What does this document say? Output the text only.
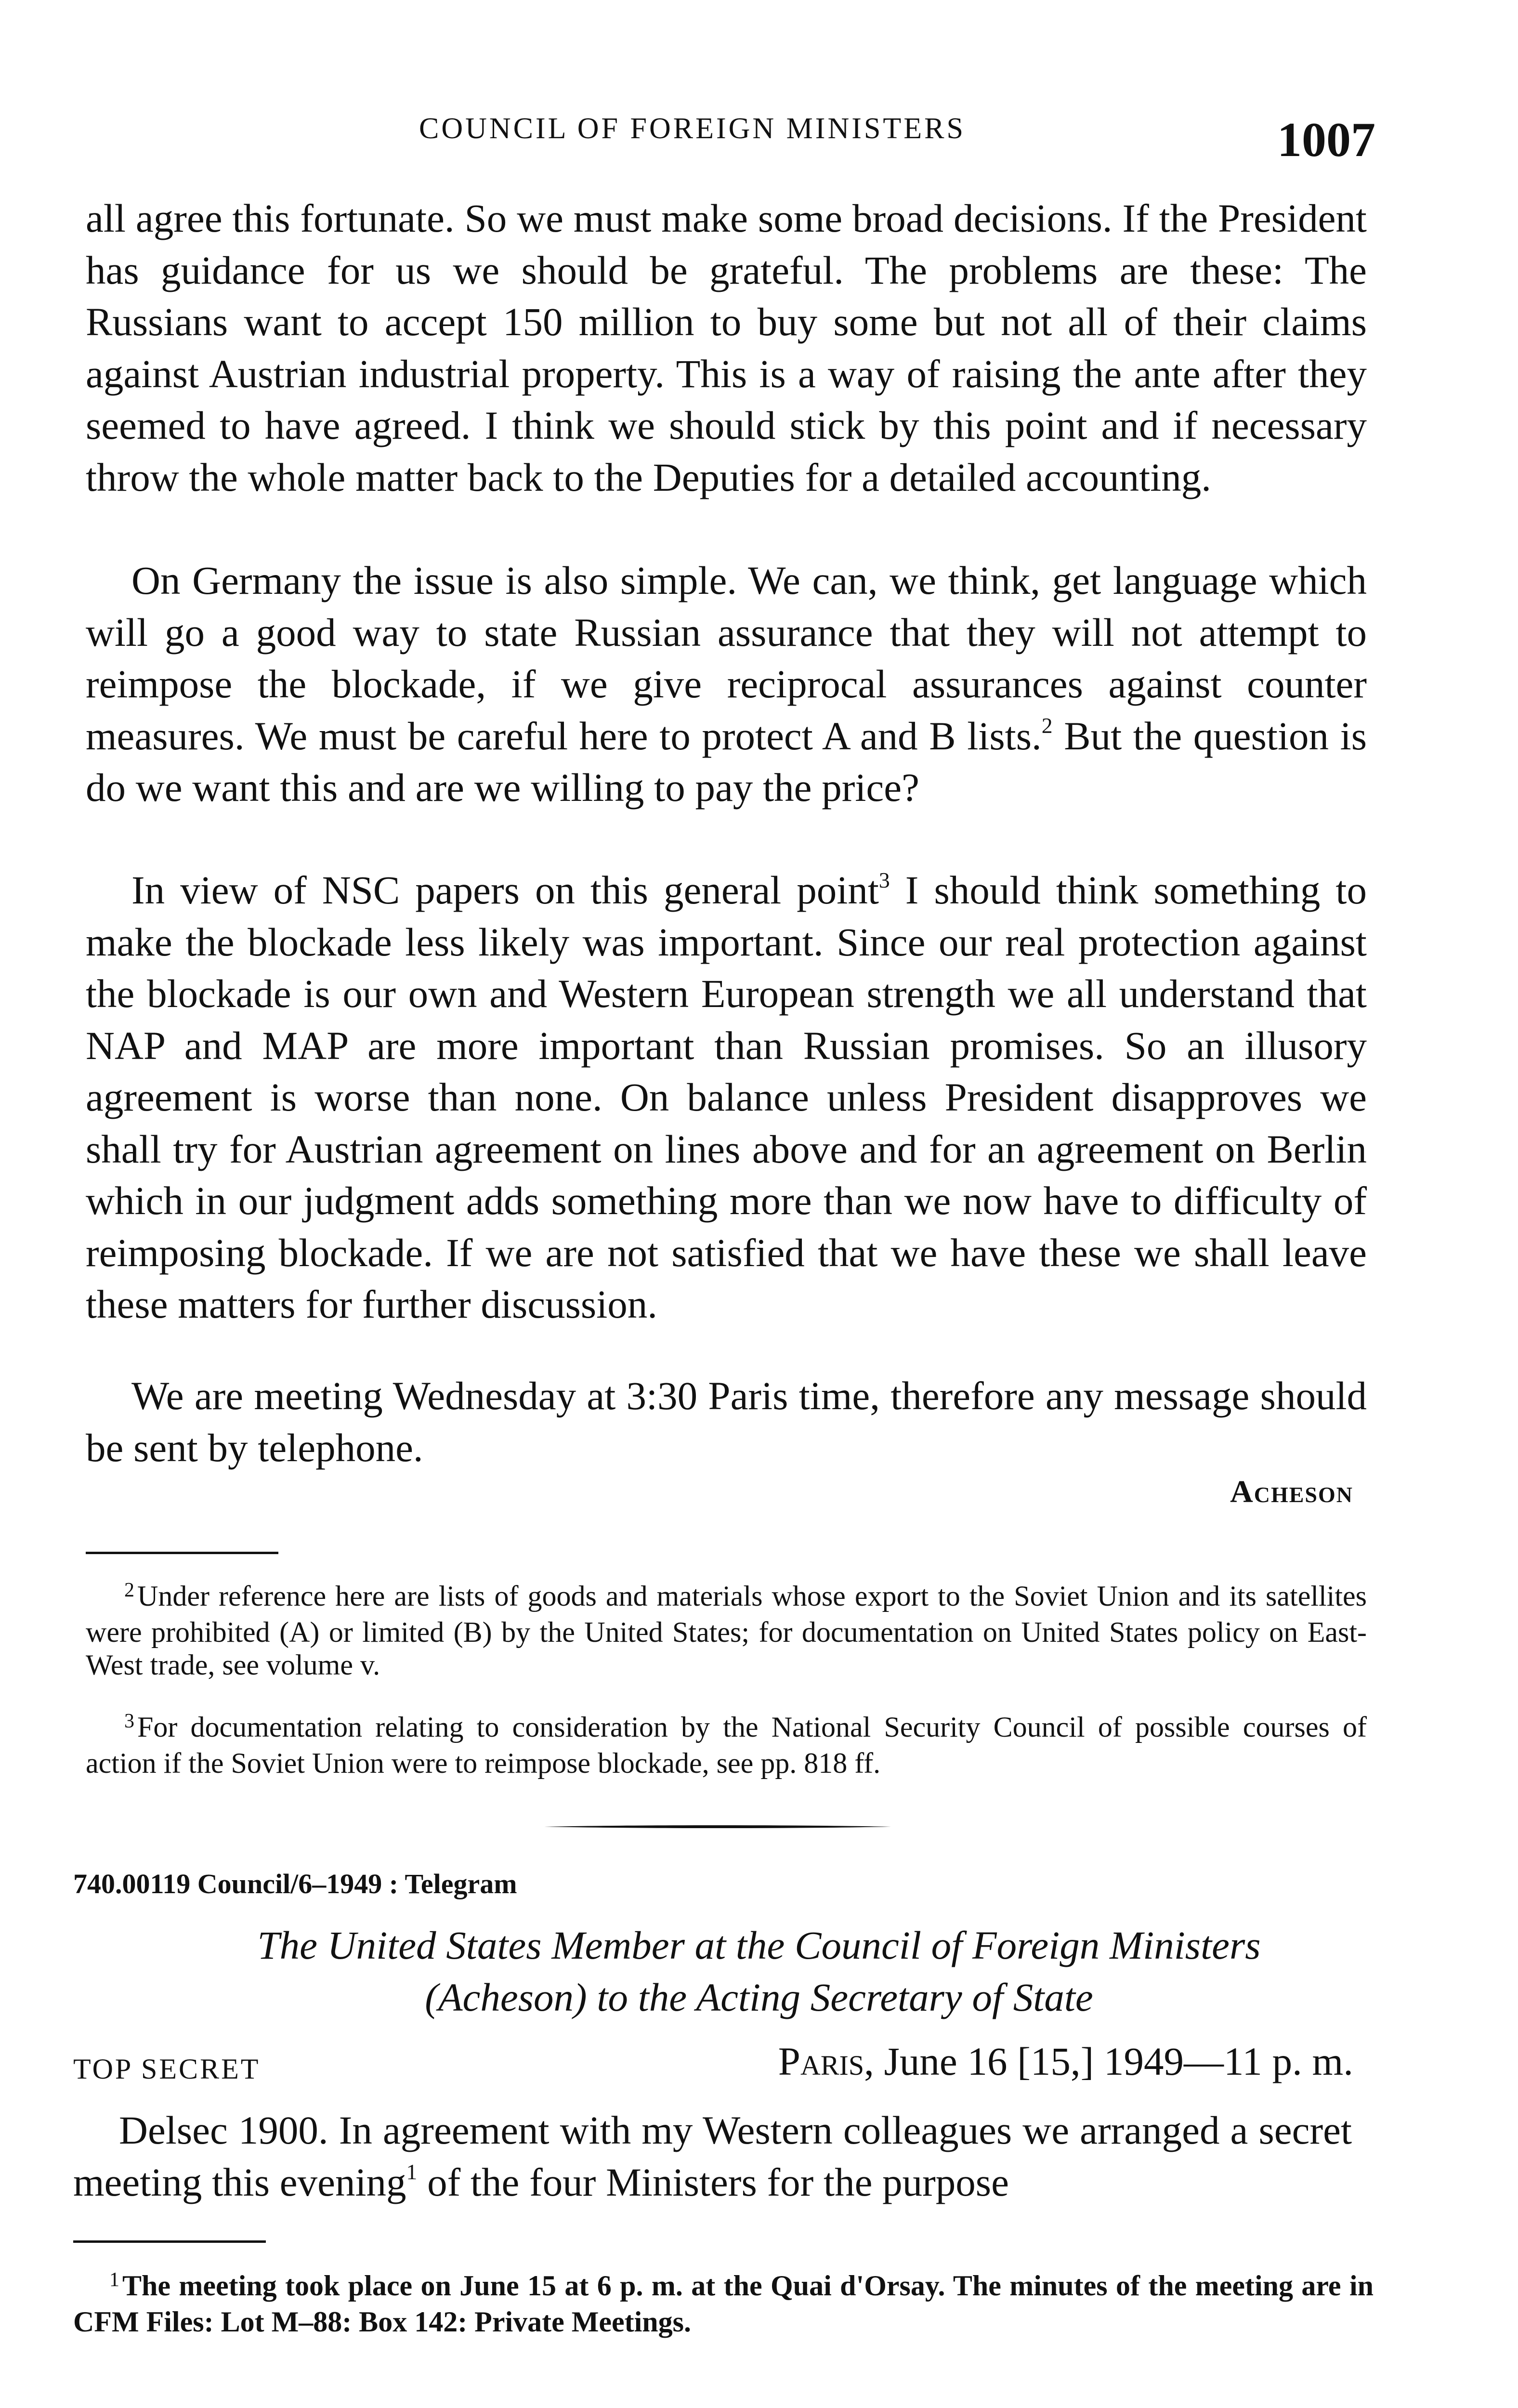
COUNCIL OF FOREIGN MINISTERS	1007

all agree this fortunate. So we must make some broad decisions. If the President has guidance for us we should be grateful. The problems are these: The Russians want to accept 150 million to buy some but not all of their claims against Austrian industrial property. This is a way of raising the ante after they seemed to have agreed. I think we should stick by this point and if necessary throw the whole matter back to the Deputies for a detailed accounting.

On Germany the issue is also simple. We can, we think, get language which will go a good way to state Russian assurance that they will not attempt to reimpose the blockade, if we give reciprocal assurances against counter measures. We must be careful here to protect A and B lists.$^2$ But the question is do we want this and are we willing to pay the price?

In view of NSC papers on this general point$^3$ I should think something to make the blockade less likely was important. Since our real protection against the blockade is our own and Western European strength we all understand that NAP and MAP are more important than Russian promises. So an illusory agreement is worse than none. On balance unless President disapproves we shall try for Austrian agreement on lines above and for an agreement on Berlin which in our judgment adds something more than we now have to difficulty of reimposing blockade. If we are not satisfied that we have these we shall leave these matters for further discussion.

We are meeting Wednesday at 3:30 Paris time, therefore any message should be sent by telephone.

Acheson

$^2$ Under reference here are lists of goods and materials whose export to the Soviet Union and its satellites were prohibited (A) or limited (B) by the United States; for documentation on United States policy on East-West trade, see volume v.

$^3$ For documentation relating to consideration by the National Security Council of possible courses of action if the Soviet Union were to reimpose blockade, see pp. 818 ff.

740.00119 Council/6–1949 : Telegram

The United States Member at the Council of Foreign Ministers

(Acheson) to the Acting Secretary of State

TOP SECRET	Paris, June 16 [15,] 1949—11 p. m.

Delsec 1900. In agreement with my Western colleagues we arranged a secret meeting this evening$^1$ of the four Ministers for the purpose

$^1$ The meeting took place on June 15 at 6 p. m. at the Quai d'Orsay. The minutes of the meeting are in CFM Files: Lot M–88: Box 142: Private Meetings.
